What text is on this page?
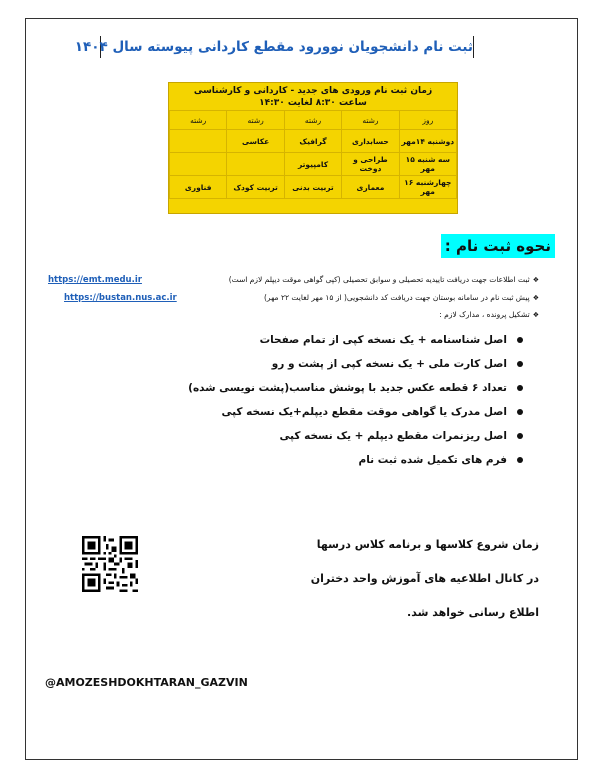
ثبت نام دانشجویان نوورود مقطع کاردانی پیوسته سال ۱۴۰۴
زمان ثبت نام ورودی های جدید - کاردانی و کارشناسی
ساعت ۸:۳۰ لغایت ۱۴:۳۰
روز	رشته	رشته	رشته	رشته
دوشنبه ۱۴مهر	حسابداری	گرافیک	عکاسی	
سه شنبه ۱۵ مهر	طراحی و دوخت	کامپیوتر		
چهارشنبه ۱۶ مهر	معماری	تربیت بدنی	تربیت کودک	فناوری
نحوه ثبت نام :
❖ثبت اطلاعات جهت دریافت تاییدیه تحصیلی و سوابق تحصیلی (کپی گواهی موقت دیپلم لازم است)
https://emt.medu.ir
❖پیش ثبت نام در سامانه بوستان جهت دریافت کد دانشجویی( از ۱۵ مهر لغایت ۲۲ مهر)
https://bustan.nus.ac.ir
❖تشکیل پرونده ، مدارک لازم :
اصل شناسنامه + یک نسخه کپی از تمام صفحات
اصل کارت ملی + یک نسخه کپی از پشت و رو
تعداد ۶ قطعه عکس جدید با پوشش مناسب(پشت نویسی شده)
اصل مدرک یا گواهی موقت مقطع دیپلم+یک نسخه کپی
اصل ریزنمرات مقطع دیپلم + یک نسخه کپی
فرم های تکمیل شده ثبت نام
زمان شروع کلاسها و برنامه کلاس درسها
در کانال اطلاعیه های آموزش واحد دختران
اطلاع رسانی خواهد شد.
@AMOZESHDOKHTARAN_GAZVIN
